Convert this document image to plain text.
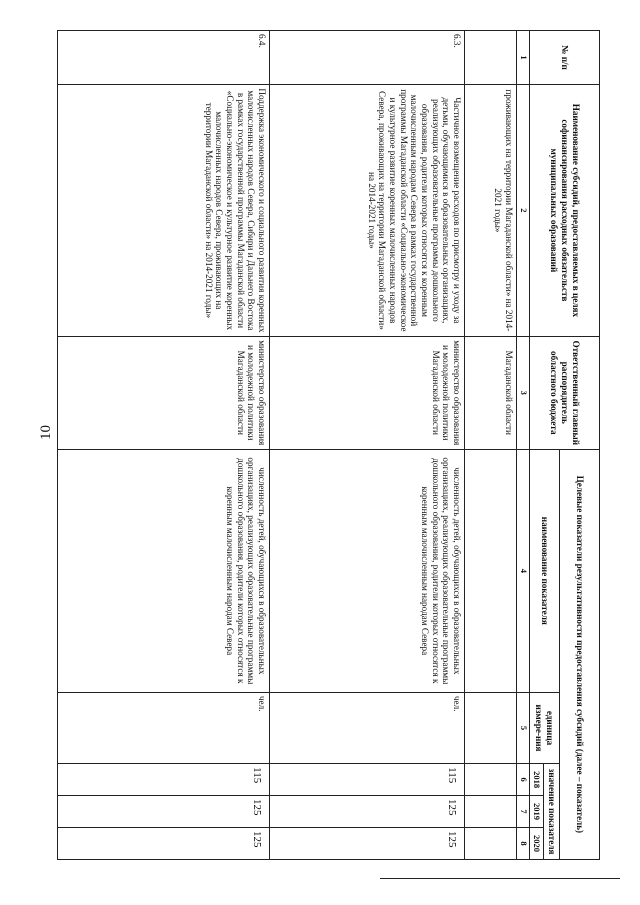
10
№ п/п	Наименование субсидий, предоставляемых в целях софинансирования расходных обязательств муниципальных образований	Ответственный главный распорядитель областного бюджета	Целевые показатели результативности предоставления субсидий (далее – показатель)				
			наименование показателя	единица измере-ния	значение показателя		
					2018	2019	2020
1	2	3	4	5	6	7	8
	проживающих на территории Магаданской области» на 2014-2021 годы»	Магаданской области					
6.3.	Частичное возмещение расходов по присмотру и уходу за детьми, обучающимися в образовательных организациях, реализующих образовательные программы дошкольного образования, родители которых относятся к коренным малочисленным народам Севера в рамках государственной программы Магаданской области «Социально-экономическое и культурное развитие коренных малочисленных народов Севера, проживающих на территории Магаданской области» на 2014-2021 годы»	министерство образования и молодежной политики Магаданской области	численность детей, обучающихся в образовательных организациях, реализующих образовательные программы дошкольного образования, родители которых относятся к коренным малочисленным народам Севера	чел.	115	125	125
6.4.	Поддержка экономического и социального развития коренных малочисленных народов Севера, Сибири и Дальнего Востока в рамках государственной программы Магаданской области «Социально-экономическое и культурное развитие коренных малочисленных народов Севера, проживающих на территории Магаданской области» на 2014-2021 годы»	министерство образования и молодежной политики Магаданской области	численность детей, обучающихся в образовательных организациях, реализующих образовательные программы дошкольного образования, родители которых относятся к коренным малочисленным народам Севера	чел.	115	125	125
